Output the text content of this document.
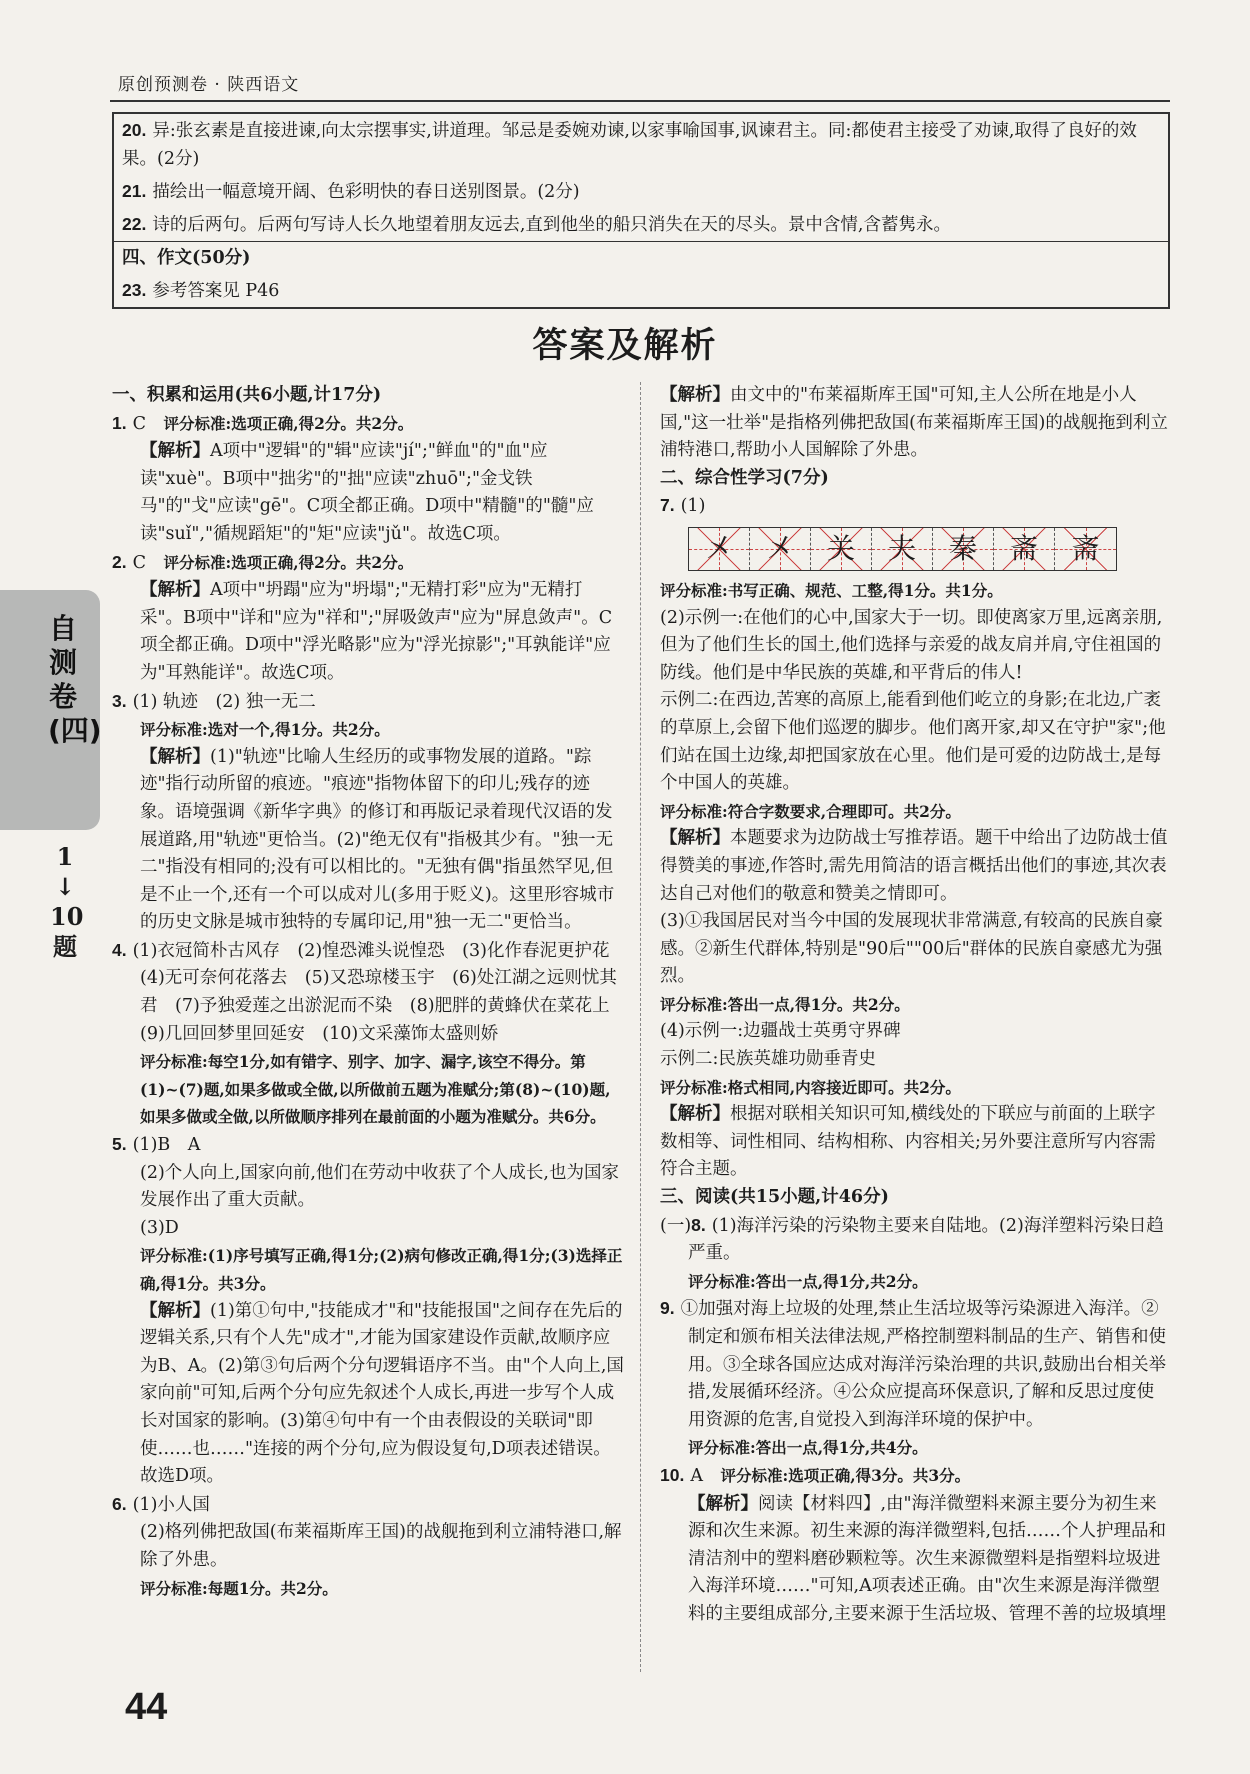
原创预测卷 · 陕西语文
20. 异:张玄素是直接进谏,向太宗摆事实,讲道理。邹忌是委婉劝谏,以家事喻国事,讽谏君主。同:都使君主接受了劝谏,取得了良好的效果。(2分)
21. 描绘出一幅意境开阔、色彩明快的春日送别图景。(2分)
22. 诗的后两句。后两句写诗人长久地望着朋友远去,直到他坐的船只消失在天的尽头。景中含情,含蓄隽永。
四、作文(50分)
23. 参考答案见 P46
答案及解析
自测卷(四)
1
↓
10
题

一、积累和运用(共6小题,计17分)

1. C　 评分标准:选项正确,得2分。共2分。

【解析】A项中"逻辑"的"辑"应读"jí";"鲜血"的"血"应读"xuè"。B项中"拙劣"的"拙"应读"zhuō";"金戈铁马"的"戈"应读"gē"。C项全都正确。D项中"精髓"的"髓"应读"suǐ","循规蹈矩"的"矩"应读"jǔ"。故选C项。

2. C　 评分标准:选项正确,得2分。共2分。

【解析】A项中"坍蹋"应为"坍塌";"无精打彩"应为"无精打采"。B项中"详和"应为"祥和";"屏吸敛声"应为"屏息敛声"。C项全都正确。D项中"浮光略影"应为"浮光掠影";"耳孰能详"应为"耳熟能详"。故选C项。

3. (1) 轨迹　(2) 独一无二

评分标准:选对一个,得1分。共2分。

【解析】(1)"轨迹"比喻人生经历的或事物发展的道路。"踪迹"指行动所留的痕迹。"痕迹"指物体留下的印儿;残存的迹象。语境强调《新华字典》的修订和再版记录着现代汉语的发展道路,用"轨迹"更恰当。(2)"绝无仅有"指极其少有。"独一无二"指没有相同的;没有可以相比的。"无独有偶"指虽然罕见,但是不止一个,还有一个可以成对儿(多用于贬义)。这里形容城市的历史文脉是城市独特的专属印记,用"独一无二"更恰当。

4. (1)衣冠简朴古风存　(2)惶恐滩头说惶恐　(3)化作春泥更护花　(4)无可奈何花落去　(5)又恐琼楼玉宇　(6)处江湖之远则忧其君　(7)予独爱莲之出淤泥而不染　(8)肥胖的黄蜂伏在菜花上　(9)几回回梦里回延安　(10)文采藻饰太盛则娇

评分标准:每空1分,如有错字、别字、加字、漏字,该空不得分。第(1)~(7)题,如果多做或全做,以所做前五题为准赋分;第(8)~(10)题,如果多做或全做,以所做顺序排列在最前面的小题为准赋分。共6分。

5. (1)B　A

(2)个人向上,国家向前,他们在劳动中收获了个人成长,也为国家发展作出了重大贡献。

(3)D

评分标准:(1)序号填写正确,得1分;(2)病句修改正确,得1分;(3)选择正确,得1分。共3分。

【解析】(1)第①句中,"技能成才"和"技能报国"之间存在先后的逻辑关系,只有个人先"成才",才能为国家建设作贡献,故顺序应为B、A。(2)第③句后两个分句逻辑语序不当。由"个人向上,国家向前"可知,后两个分句应先叙述个人成长,再进一步写个人成长对国家的影响。(3)第④句中有一个由表假设的关联词"即使……也……"连接的两个分句,应为假设复句,D项表述错误。故选D项。

6. (1)小人国

(2)格列佛把敌国(布莱福斯库王国)的战舰拖到利立浦特港口,解除了外患。

评分标准:每题1分。共2分。

【解析】由文中的"布莱福斯库王国"可知,主人公所在地是小人国,"这一壮举"是指格列佛把敌国(布莱福斯库王国)的战舰拖到利立浦特港口,帮助小人国解除了外患。

二、综合性学习(7分)

7. (1)

㐅 㐅 关 夫 秦 斋 斋

评分标准:书写正确、规范、工整,得1分。共1分。

(2)示例一:在他们的心中,国家大于一切。即使离家万里,远离亲朋,但为了他们生长的国土,他们选择与亲爱的战友肩并肩,守住祖国的防线。他们是中华民族的英雄,和平背后的伟人!

示例二:在西边,苦寒的高原上,能看到他们屹立的身影;在北边,广袤的草原上,会留下他们巡逻的脚步。他们离开家,却又在守护"家";他们站在国土边缘,却把国家放在心里。他们是可爱的边防战士,是每个中国人的英雄。

评分标准:符合字数要求,合理即可。共2分。

【解析】本题要求为边防战士写推荐语。题干中给出了边防战士值得赞美的事迹,作答时,需先用简洁的语言概括出他们的事迹,其次表达自己对他们的敬意和赞美之情即可。

(3)①我国居民对当今中国的发展现状非常满意,有较高的民族自豪感。②新生代群体,特别是"90后""00后"群体的民族自豪感尤为强烈。

评分标准:答出一点,得1分。共2分。

(4)示例一:边疆战士英勇守界碑

示例二:民族英雄功勋垂青史

评分标准:格式相同,内容接近即可。共2分。

【解析】根据对联相关知识可知,横线处的下联应与前面的上联字数相等、词性相同、结构相称、内容相关;另外要注意所写内容需符合主题。

三、阅读(共15小题,计46分)

(一)8. (1)海洋污染的污染物主要来自陆地。(2)海洋塑料污染日趋严重。

评分标准:答出一点,得1分,共2分。

9. ①加强对海上垃圾的处理,禁止生活垃圾等污染源进入海洋。②制定和颁布相关法律法规,严格控制塑料制品的生产、销售和使用。③全球各国应达成对海洋污染治理的共识,鼓励出台相关举措,发展循环经济。④公众应提高环保意识,了解和反思过度使用资源的危害,自觉投入到海洋环境的保护中。

评分标准:答出一点,得1分,共4分。

10. A　 评分标准:选项正确,得3分。共3分。

【解析】阅读【材料四】,由"海洋微塑料来源主要分为初生来源和次生来源。初生来源的海洋微塑料,包括……个人护理品和清洁剂中的塑料磨砂颗粒等。次生来源微塑料是指塑料垃圾进入海洋环境……"可知,A项表述正确。由"次生来源是海洋微塑料的主要组成部分,主要来源于生活垃圾、管理不善的垃圾填埋

44
